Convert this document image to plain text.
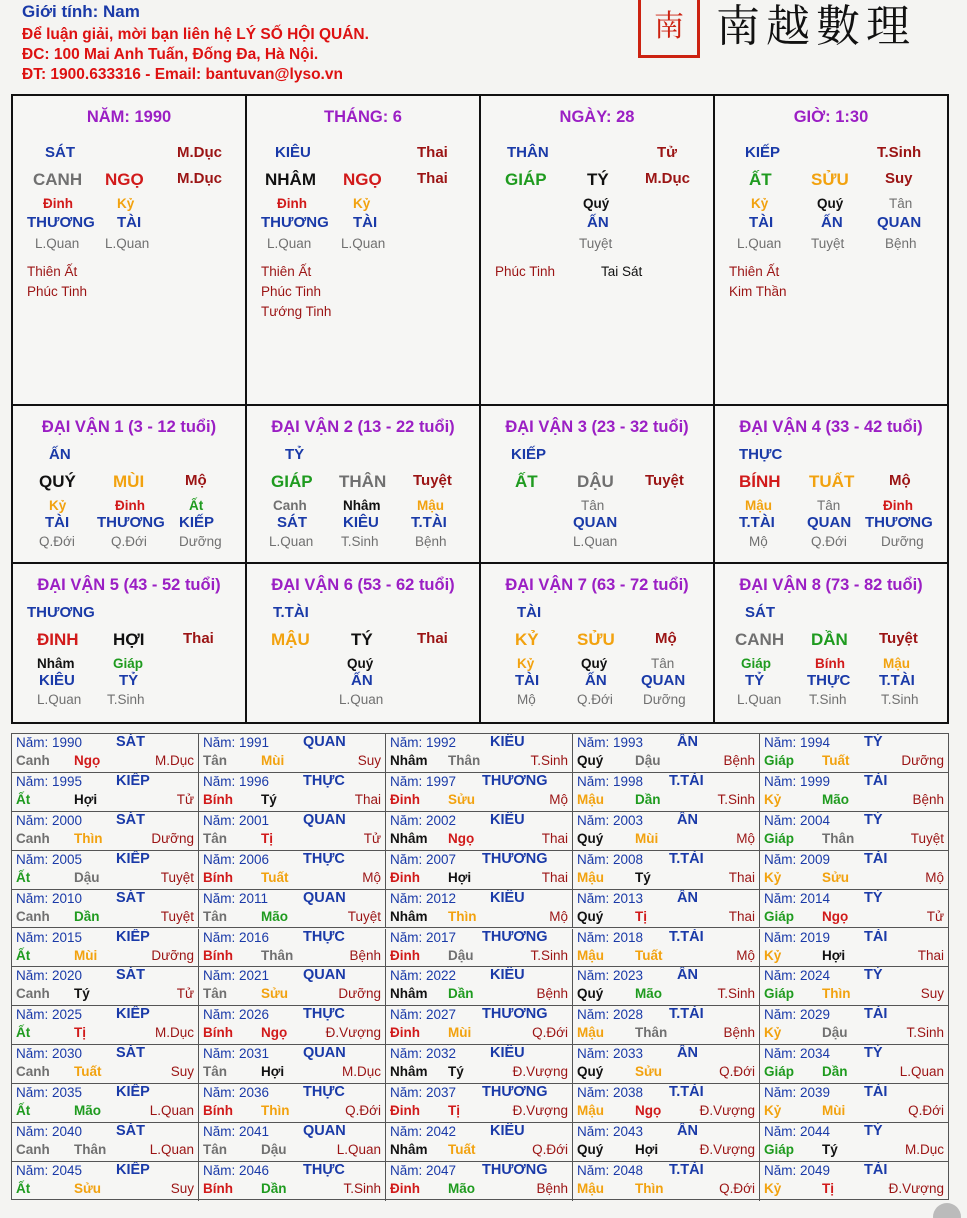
Giới tính: Nam
Để luận giải, mời bạn liên hệ LÝ SỐ HỘI QUÁN.
ĐC: 100 Mai Anh Tuấn, Đống Đa, Hà Nội.
ĐT: 1900.633316 - Email: bantuvan@lyso.vn
南 南越數理
NĂM: 1990
SÁT	M.Dục
CANH NGỌ M.Dục
Đinh	Kỷ
THƯƠNG TÀI
L.Quan L.Quan
Thiên Ất
Phúc Tinh
THÁNG: 6
KIÊU	Thai
NHÂM NGỌ Thai
Đinh	Kỷ
THƯƠNG TÀI
L.Quan L.Quan
Thiên Ất
Phúc Tinh
Tướng Tinh
NGÀY: 28
THÂN	Tử
GIÁP TÝ M.Dục
Quý
ẤN
Tuyệt
Phúc Tinh	Tai Sát
GIỜ: 1:30
KIẾP	T.Sinh
ẤT SỬU Suy
Kỷ	Quý	Tân
TÀI	ẤN QUAN
L.Quan Tuyệt	Bệnh
Thiên Ất
Kim Thần
ĐẠI VẬN 1 (3 - 12 tuổi)
ẤN
QUÝ MÙI	Mộ
Kỷ	Đinh	Ất
TÀI THƯƠNG KIẾP
Q.Đới	Q.Đới Dưỡng
ĐẠI VẬN 2 (13 - 22 tuổi)
TỶ
GIÁP THÂN Tuyệt
Canh	Nhâm	Mậu
SÁT KIÊU T.TÀI
L.Quan T.Sinh	Bệnh
ĐẠI VẬN 3 (23 - 32 tuổi)
KIẾP
ẤT DẬU Tuyệt
Tân
QUAN
L.Quan
ĐẠI VẬN 4 (33 - 42 tuổi)
THỰC
BÍNH TUẤT Mộ
Mậu	Tân	Đinh
T.TÀI QUAN THƯƠNG
Mộ	Q.Đới	Dưỡng
ĐẠI VẬN 5 (43 - 52 tuổi)
THƯƠNG
ĐINH HỢI	Thai
Nhâm	Giáp
KIÊU	TỶ
L.Quan T.Sinh
ĐẠI VẬN 6 (53 - 62 tuổi)
T.TÀI
MẬU TÝ	Thai
Quý
ẤN
L.Quan
ĐẠI VẬN 7 (63 - 72 tuổi)
TÀI
KỶ SỬU	Mộ
Kỷ	Quý	Tân
TÀI	ẤN QUAN
Mộ	Q.Đới Dưỡng
ĐẠI VẬN 8 (73 - 82 tuổi)
SÁT
CANH DẦN Tuyệt
Giáp	Bính	Mậu
TỶ	THỰC T.TÀI
L.Quan T.Sinh	T.Sinh
Năm: 1990 SÁT
Canh Ngọ	M.Dục
Năm: 1991 QUAN
Tân	Mùi	Suy
Năm: 1992 KIÊU
Nhâm Thân	T.Sinh
Năm: 1993 ẤN
Quý Dậu	Bệnh
Năm: 1994 TỶ
Giáp Tuất	Dưỡng
Năm: 1995 KIẾP
Ất	Hợi	Tử
Năm: 1996 THỰC
Bính Tý	Thai
Năm: 1997 THƯƠNG
Đinh Sửu	Mộ
Năm: 1998 T.TÀI
Mậu Dần	T.Sinh
Năm: 1999 TÀI
Kỷ	Mão	Bệnh
Năm: 2000 SÁT
Canh Thìn	Dưỡng
Năm: 2001 QUAN
Tân	Tị	Tử
Năm: 2002 KIÊU
Nhâm Ngọ	Thai
Năm: 2003 ẤN
Quý Mùi	Mộ
Năm: 2004 TỶ
Giáp Thân	Tuyệt
Năm: 2005 KIẾP
Ất	Dậu	Tuyệt
Năm: 2006 THỰC
Bính Tuất	Mộ
Năm: 2007 THƯƠNG
Đinh Hợi	Thai
Năm: 2008 T.TÀI
Mậu Tý	Thai
Năm: 2009 TÀI
Kỷ	Sửu	Mộ
Năm: 2010 SÁT
Canh Dần	Tuyệt
Năm: 2011 QUAN
Tân	Mão	Tuyệt
Năm: 2012 KIÊU
Nhâm Thìn	Mộ
Năm: 2013 ẤN
Quý Tị	Thai
Năm: 2014 TỶ
Giáp Ngọ	Tử
Năm: 2015 KIẾP
Ất	Mùi	Dưỡng
Năm: 2016 THỰC
Bính Thân	Bệnh
Năm: 2017 THƯƠNG
Đinh Dậu	T.Sinh
Năm: 2018 T.TÀI
Mậu Tuất	Mộ
Năm: 2019 TÀI
Kỷ	Hợi	Thai
Năm: 2020 SÁT
Canh Tý	Tử
Năm: 2021 QUAN
Tân	Sửu	Dưỡng
Năm: 2022 KIÊU
Nhâm Dần	Bệnh
Năm: 2023 ẤN
Quý Mão	T.Sinh
Năm: 2024 TỶ
Giáp Thìn	Suy
Năm: 2025 KIẾP
Ất	Tị	M.Dục
Năm: 2026 THỰC
Bính Ngọ	Đ.Vượng
Năm: 2027 THƯƠNG
Đinh Mùi	Q.Đới
Năm: 2028 T.TÀI
Mậu Thân	Bệnh
Năm: 2029 TÀI
Kỷ	Dậu	T.Sinh
Năm: 2030 SÁT
Canh Tuất	Suy
Năm: 2031 QUAN
Tân	Hợi	M.Dục
Năm: 2032 KIÊU
Nhâm Tý	Đ.Vượng
Năm: 2033 ẤN
Quý Sửu	Q.Đới
Năm: 2034 TỶ
Giáp Dần	L.Quan
Năm: 2035 KIẾP
Ất	Mão	L.Quan
Năm: 2036 THỰC
Bính Thìn	Q.Đới
Năm: 2037 THƯƠNG
Đinh Tị	Đ.Vượng
Năm: 2038 T.TÀI
Mậu Ngọ	Đ.Vượng
Năm: 2039 TÀI
Kỷ	Mùi	Q.Đới
Năm: 2040 SÁT
Canh Thân	L.Quan
Năm: 2041 QUAN
Tân	Dậu	L.Quan
Năm: 2042 KIÊU
Nhâm Tuất	Q.Đới
Năm: 2043 ẤN
Quý Hợi	Đ.Vượng
Năm: 2044 TỶ
Giáp Tý	M.Dục
Năm: 2045 KIẾP
Ất	Sửu	Suy
Năm: 2046 THỰC
Bính Dần	T.Sinh
Năm: 2047 THƯƠNG
Đinh Mão	Bệnh
Năm: 2048 T.TÀI
Mậu Thìn	Q.Đới
Năm: 2049 TÀI
Kỷ	Tị	Đ.Vượng
